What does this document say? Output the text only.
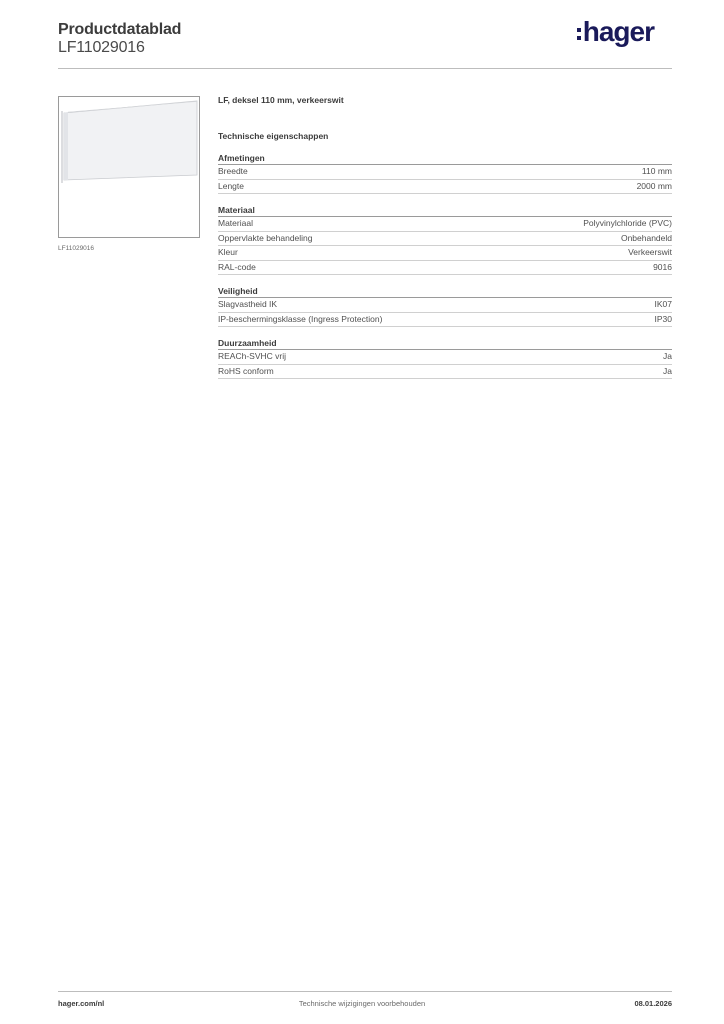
Productdatablad
LF11029016
hager
LF11029016
LF, deksel 110 mm, verkeerswit
Technische eigenschappen
Afmetingen
Breedte	110 mm
Lengte	2000 mm
Materiaal
Materiaal	Polyvinylchloride (PVC)
Oppervlakte behandeling	Onbehandeld
Kleur	Verkeerswit
RAL-code	9016
Veiligheid
Slagvastheid IK	IK07
IP-beschermingsklasse (Ingress Protection)	IP30
Duurzaamheid
REACh-SVHC vrij	Ja
RoHS conform	Ja
hager.com/nl	Technische wijzigingen voorbehouden	08.01.2026
